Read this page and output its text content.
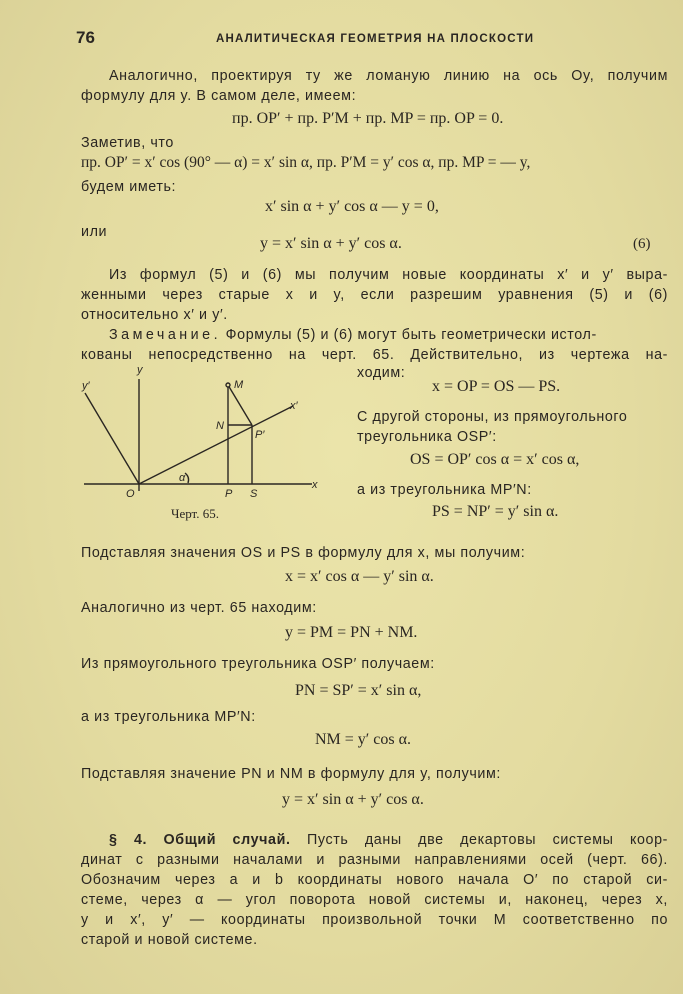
76	АНАЛИТИЧЕСКАЯ ГЕОМЕТРИЯ НА ПЛОСКОСТИ
Аналогично, проектируя ту же ломаную линию на ось Oy, получим
формулу для y. В самом деле, имеем:
пр. OP′ + пр. P′M + пр. MP = пр. OP = 0.
Заметив, что
пр. OP′ = x′ cos (90° — α) = x′ sin α, пр. P′M = y′ cos α, пр. MP = — y,
будем иметь:
x′ sin α + y′ cos α — y = 0,
или
y = x′ sin α + y′ cos α.	(6)
Из формул (5) и (6) мы получим новые координаты x′ и y′ выра-
женными через старые x и y, если разрешим уравнения (5) и (6)
относительно x′ и y′.
Замечание. Формулы (5) и (6) могут быть геометрически истол-
кованы непосредственно на черт. 65. Действительно, из чертежа на-
ходим:
y′
y
M
x′
N
P′
α
O	P S
x
Черт. 65.
x = OP = OS — PS.
С другой стороны, из прямоугольного
треугольника OSP′:
OS = OP′ cos α = x′ cos α,
а из треугольника MP′N:
PS = NP′ = y′ sin α.
Подставляя значения OS и PS в формулу для x, мы получим:
x = x′ cos α — y′ sin α.
Аналогично из черт. 65 находим:
y = PM = PN + NM.
Из прямоугольного треугольника OSP′ получаем:
PN = SP′ = x′ sin α,
а из треугольника MP′N:
NM = y′ cos α.
Подставляя значение PN и NM в формулу для y, получим:
y = x′ sin α + y′ cos α.
§ 4. Общий случай. Пусть даны две декартовы системы коор-
динат с разными началами и разными направлениями осей (черт. 66).
Обозначим через a и b координаты нового начала O′ по старой си-
стеме, через α — угол поворота новой системы и, наконец, через x,
y и x′, y′ — координаты произвольной точки M соответственно по
старой и новой системе.
